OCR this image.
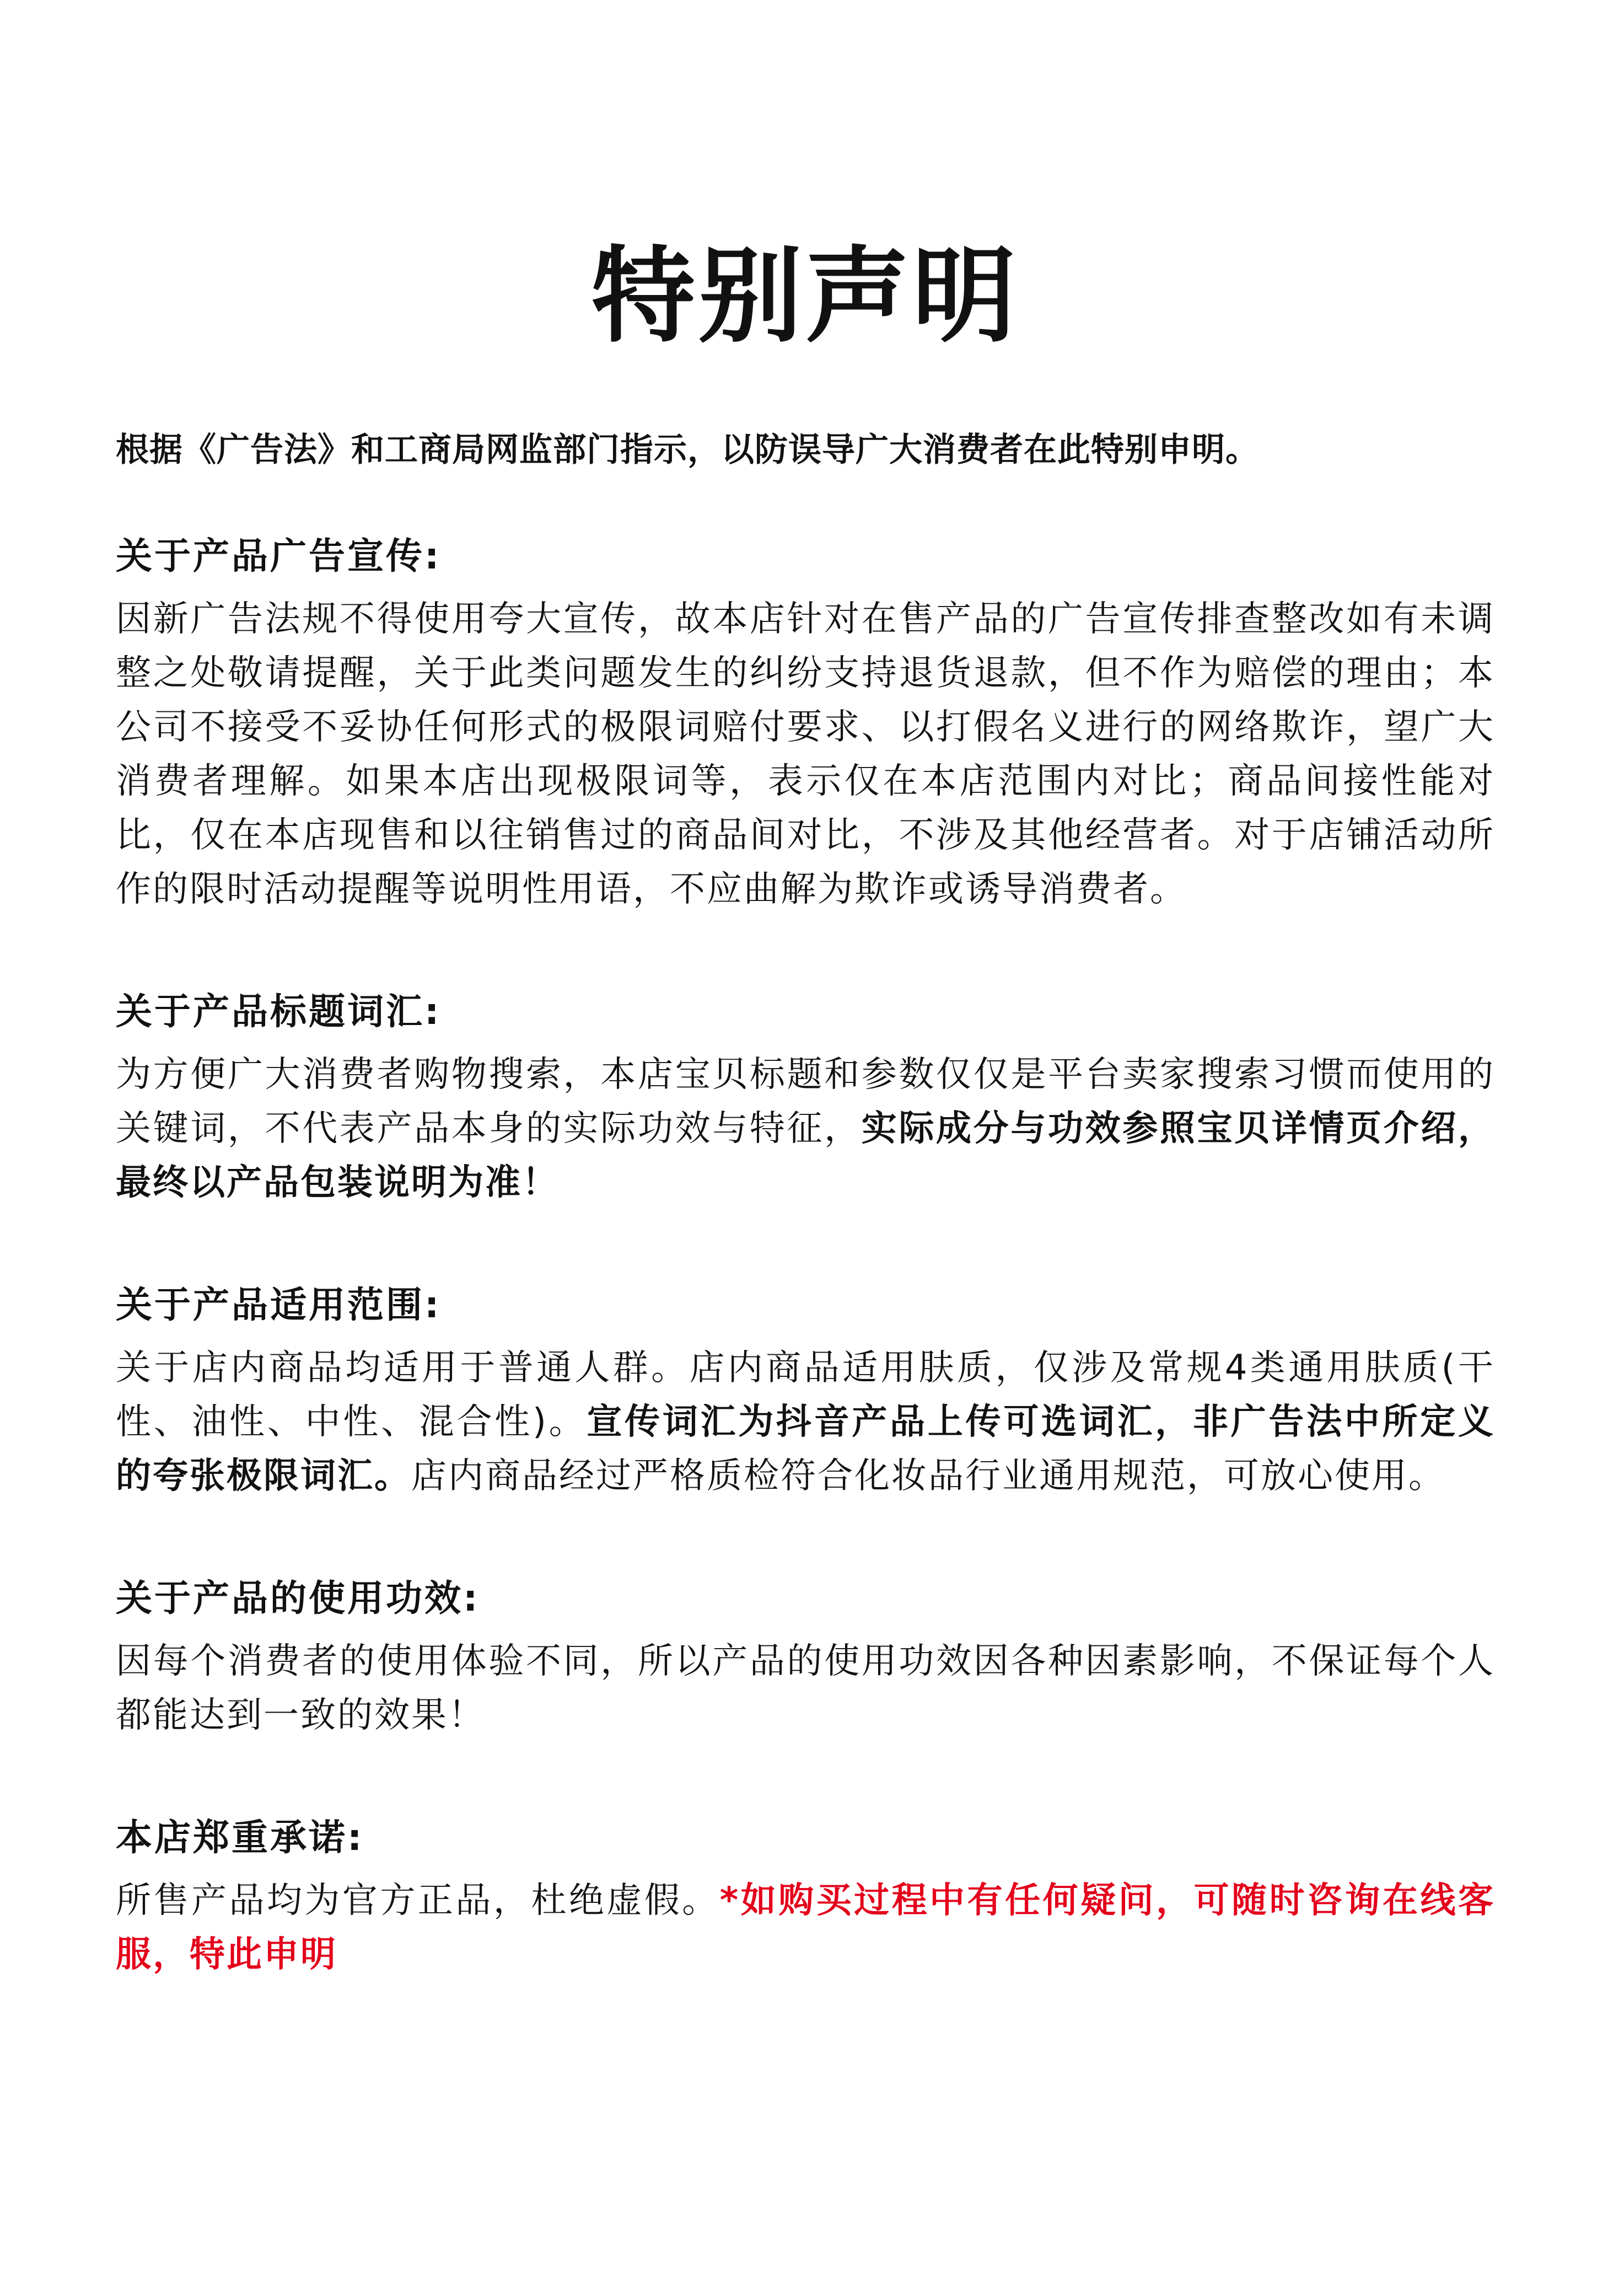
特别声明
根据《广告法》和工商局网监部门指示，以防误导广大消费者在此特别申明。
关于产品广告宣传:

因新广告法规不得使用夸大宣传，故本店针对在售产品的广告宣传排查整改如有未调整之处敬请提醒，关于此类问题发生的纠纷支持退货退款，但不作为赔偿的理由；本公司不接受不妥协任何形式的极限词赔付要求、以打假名义进行的网络欺诈，望广大消费者理解。如果本店出现极限词等，表示仅在本店范围内对比；商品间接性能对比，仅在本店现售和以往销售过的商品间对比，不涉及其他经营者。对于店铺活动所作的限时活动提醒等说明性用语，不应曲解为欺诈或诱导消费者。

关于产品标题词汇:

为方便广大消费者购物搜索，本店宝贝标题和参数仅仅是平台卖家搜索习惯而使用的关键词，不代表产品本身的实际功效与特征，实际成分与功效参照宝贝详情页介绍，最终以产品包装说明为准！

关于产品适用范围:

关于店内商品均适用于普通人群。店内商品适用肤质，仅涉及常规4类通用肤质(干性、油性、中性、混合性)。宣传词汇为抖音产品上传可选词汇，非广告法中所定义的夸张极限词汇。店内商品经过严格质检符合化妆品行业通用规范，可放心使用。

关于产品的使用功效:

因每个消费者的使用体验不同，所以产品的使用功效因各种因素影响，不保证每个人都能达到一致的效果！

本店郑重承诺:

所售产品均为官方正品，杜绝虚假。*如购买过程中有任何疑问，可随时咨询在线客服，特此申明
